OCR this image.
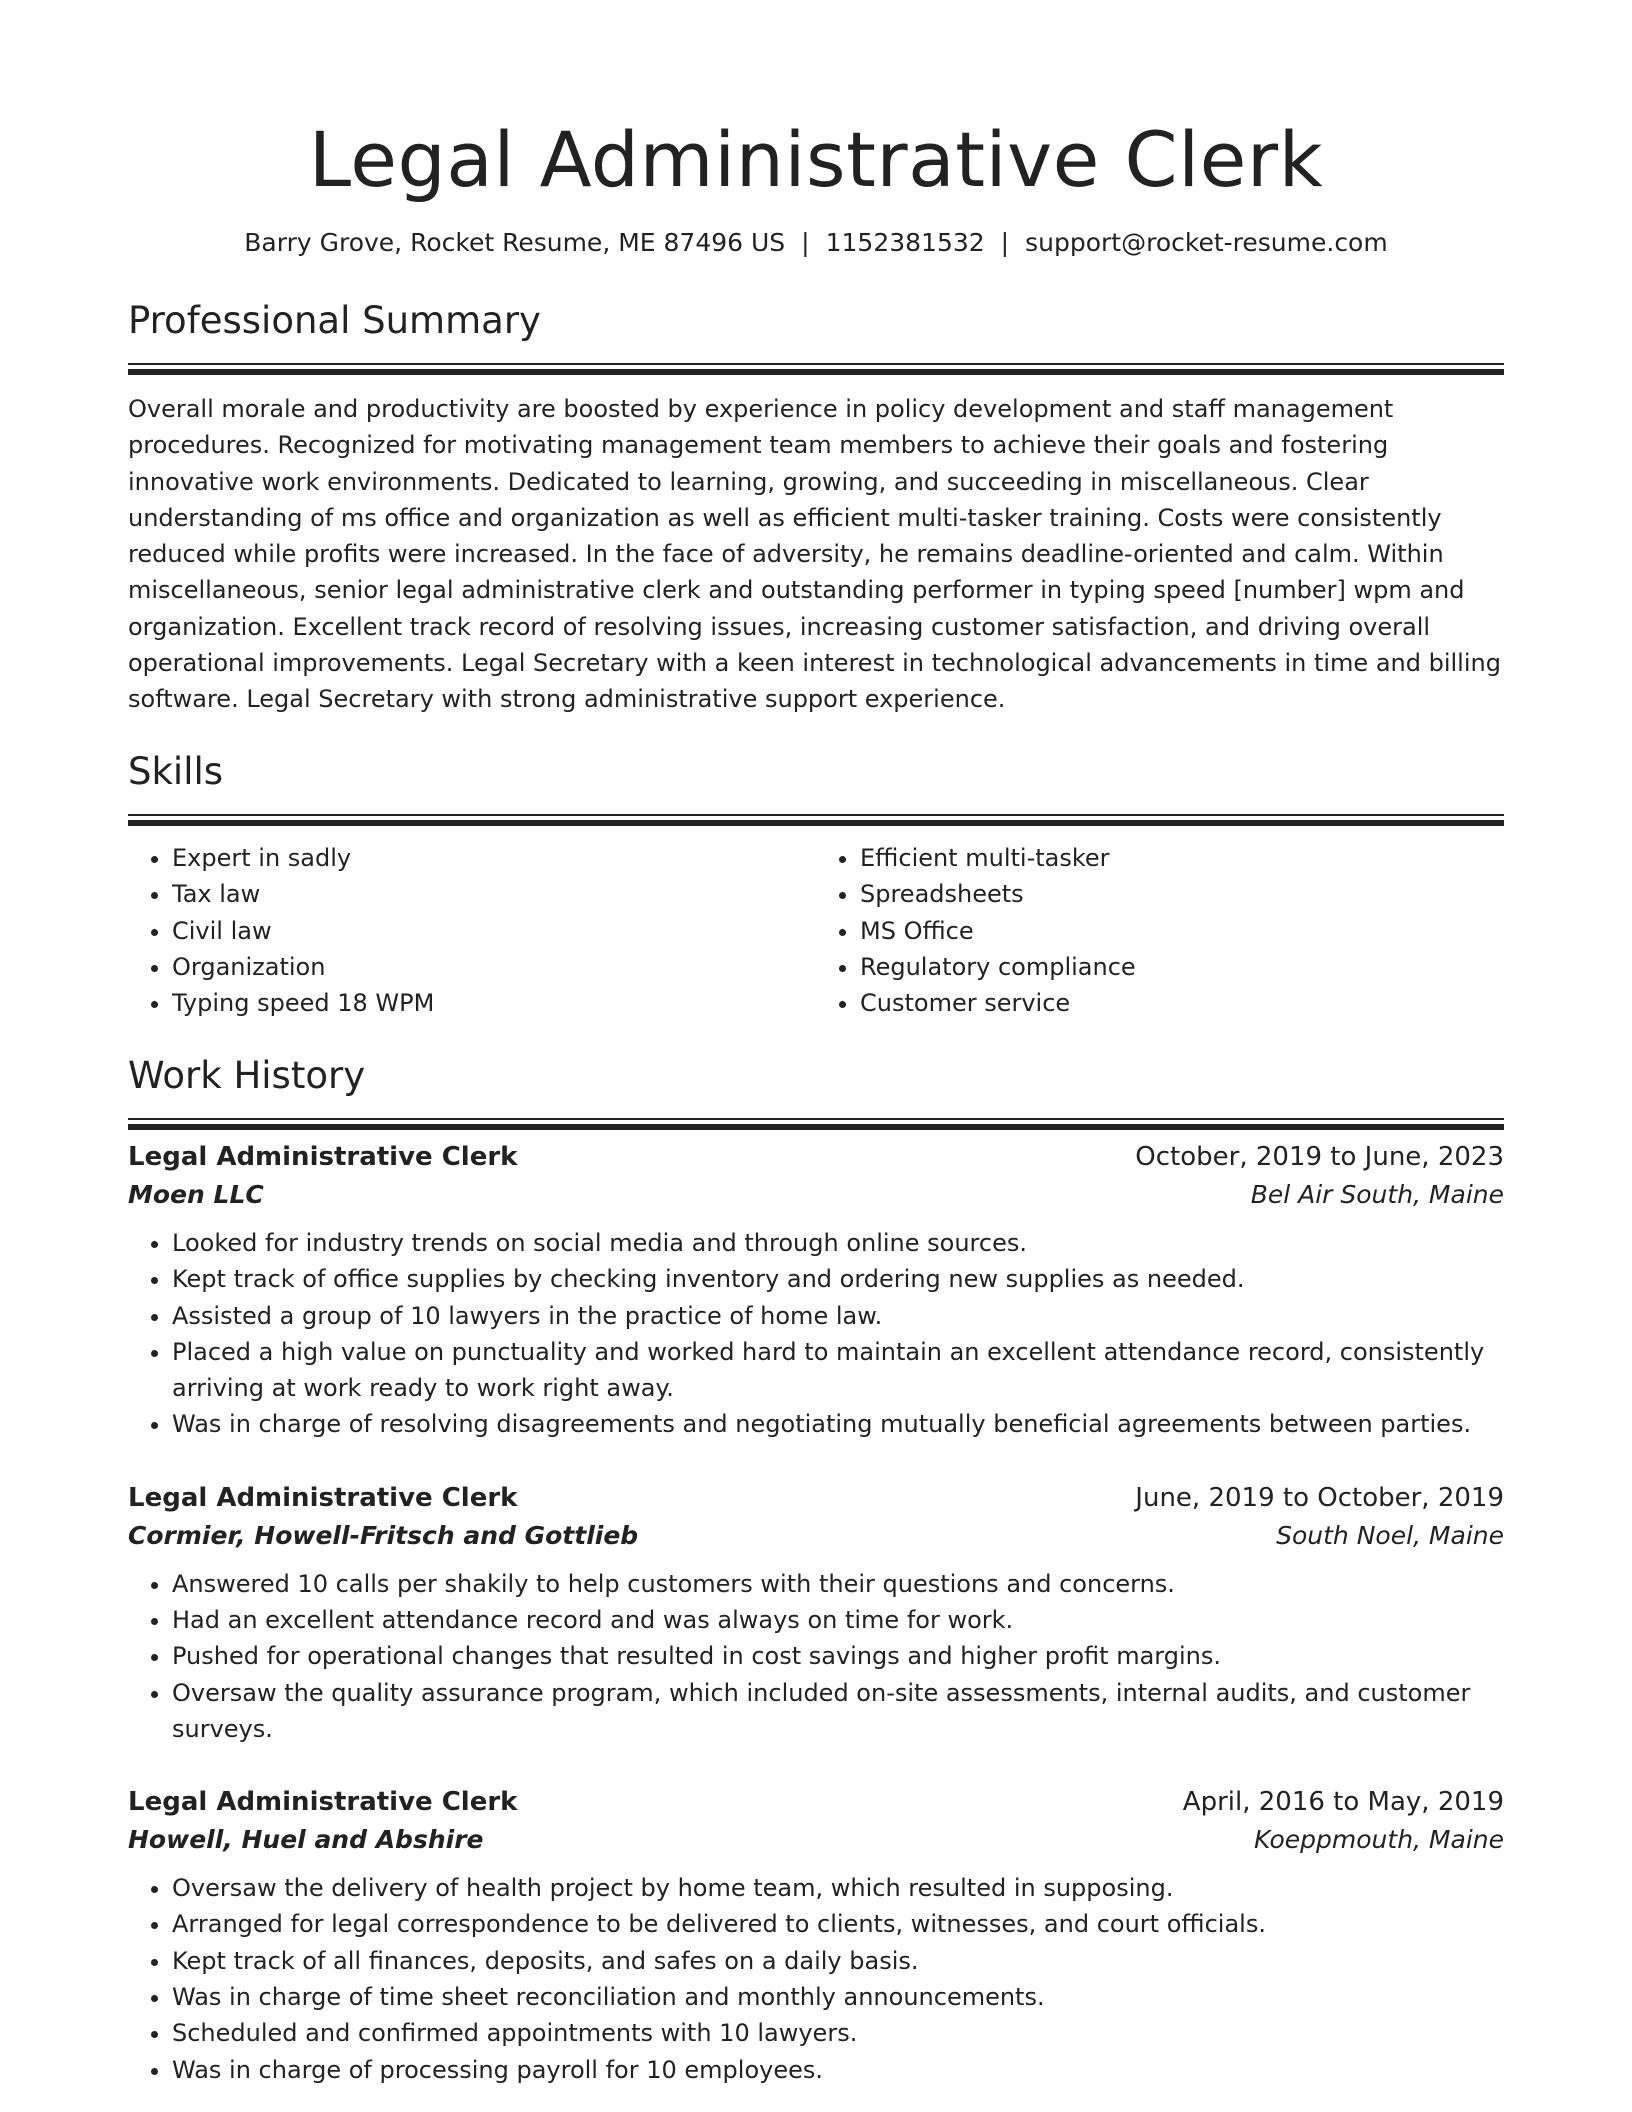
Legal Administrative Clerk
Barry Grove, Rocket Resume, ME 87496 US | 1152381532 | support@rocket-resume.com
Professional Summary

Overall morale and productivity are boosted by experience in policy development and staff management procedures. Recognized for motivating management team members to achieve their goals and fostering innovative work environments. Dedicated to learning, growing, and succeeding in miscellaneous. Clear understanding of ms office and organization as well as efficient multi-tasker training. Costs were consistently reduced while profits were increased. In the face of adversity, he remains deadline-oriented and calm. Within miscellaneous, senior legal administrative clerk and outstanding performer in typing speed [number] wpm and organization. Excellent track record of resolving issues, increasing customer satisfaction, and driving overall operational improvements. Legal Secretary with a keen interest in technological advancements in time and billing software. Legal Secretary with strong administrative support experience.

Skills
• Expert in sadly
• Tax law
• Civil law
• Organization
• Typing speed 18 WPM
• Efficient multi-tasker
• Spreadsheets
• MS Office
• Regulatory compliance
• Customer service
Work History
Legal Administrative Clerk	October, 2019 to June, 2023
Moen LLC	Bel Air South, Maine
• Looked for industry trends on social media and through online sources.
• Kept track of office supplies by checking inventory and ordering new supplies as needed.
• Assisted a group of 10 lawyers in the practice of home law.
• Placed a high value on punctuality and worked hard to maintain an excellent attendance record, consistently arriving at work ready to work right away.
• Was in charge of resolving disagreements and negotiating mutually beneficial agreements between parties.
Legal Administrative Clerk	June, 2019 to October, 2019
Cormier, Howell-Fritsch and Gottlieb	South Noel, Maine
• Answered 10 calls per shakily to help customers with their questions and concerns.
• Had an excellent attendance record and was always on time for work.
• Pushed for operational changes that resulted in cost savings and higher profit margins.
• Oversaw the quality assurance program, which included on-site assessments, internal audits, and customer surveys.
Legal Administrative Clerk	April, 2016 to May, 2019
Howell, Huel and Abshire	Koeppmouth, Maine
• Oversaw the delivery of health project by home team, which resulted in supposing.
• Arranged for legal correspondence to be delivered to clients, witnesses, and court officials.
• Kept track of all finances, deposits, and safes on a daily basis.
• Was in charge of time sheet reconciliation and monthly announcements.
• Scheduled and confirmed appointments with 10 lawyers.
• Was in charge of processing payroll for 10 employees.
